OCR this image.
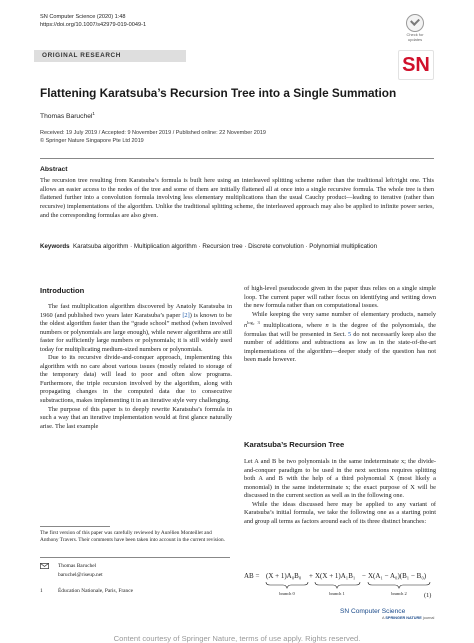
SN Computer Science (2020) 1:48
https://doi.org/10.1007/s42979-019-0049-1
Check for updates
ORIGINAL RESEARCH	SN
Flattening Karatsuba’s Recursion Tree into a Single Summation
Thomas Baruchel$^1$
Received: 19 July 2019 / Accepted: 9 November 2019 / Published online: 22 November 2019
© Springer Nature Singapore Pte Ltd 2019
Abstract
The recursion tree resulting from Karatsuba’s formula is built here using an interleaved splitting scheme rather than the traditional left/right one. This allows an easier access to the nodes of the tree and some of them are initially flattened all at once into a single recursive formula. The whole tree is then flattened further into a convolution formula involving less elementary multiplications than the usual Cauchy product—leading to iterative (rather than recursive) implementations of the algorithm. Unlike the traditional splitting scheme, the interleaved approach may also be applied to infinite power series, and the corresponding formulas are also given.
Keywords Karatsuba algorithm · Multiplication algorithm · Recursion tree · Discrete convolution · Polynomial multiplication
Introduction

The fast multiplication algorithm discovered by Anatoly Karatsuba in 1960 (and published two years later Karatsuba’s paper [2]) is known to be the oldest algorithm faster than the “grade school” method (when involved numbers or polynomials are large enough), while newer algorithms are still faster for sufficiently large numbers or polynomials; it is still widely used today for multiplicating medium-sized numbers or polynomials.

Due to its recursive divide-and-conquer approach, implementing this algorithm with no care about various issues (mostly related to storage of the temporary data) will lead to poor and often slow programs. Furthermore, the triple recursion involved by the algorithm, along with propagating changes in the computed data due to consecutive substractions, makes implementing it in an iterative style very challenging.

The purpose of this paper is to deeply rewrite Karatsuba’s formula in such a way that an iterative implementation would at first glance naturally arise. The last example

The first version of this paper was carefully reviewed by Aurélien Monteillet and Anthony Travers. Their comments have been taken into account in the current revision.
Thomas Baruchel
baruchel@riseup.net
1	Éducation Nationale, Paris, France

of high-level pseudocode given in the paper thus relies on a single simple loop. The current paper will rather focus on identifying and writing down the new formula rather than on computational issues.

While keeping the very same number of elementary products, namely $n^{log_2 3}$ multiplications, where n is the degree of the polynomials, the formulas that will be presented in Sect. 5 do not necessarily keep also the number of additions and subtractions as low as in the state-of-the-art implementations of the algorithm—deeper study of the question has not been made however.

Karatsuba’s Recursion Tree

Let A and B be two polynomials in the same indeterminate x; the divide-and-conquer paradigm to be used in the next sections requires splitting both A and B with the help of a third polynomial X (most likely a monomial) in the same indeterminate x; the exact purpose of X will be discussed in the current section as well as in the following one.

While the ideas discussed here may be applied to any variant of Karatsuba’s initial formula, we take the following one as a starting point and group all terms as factors around each of its three distinct branches:

AB = (X + 1)A₀B₀ + X(X + 1)A₁B₁ − X(A₁ − A₀)(B₁ − B₀)
branch 0	branch 1	branch 2	(1)
SN Computer Science
A SPRINGER NATURE journal
Content courtesy of Springer Nature, terms of use apply. Rights reserved.
